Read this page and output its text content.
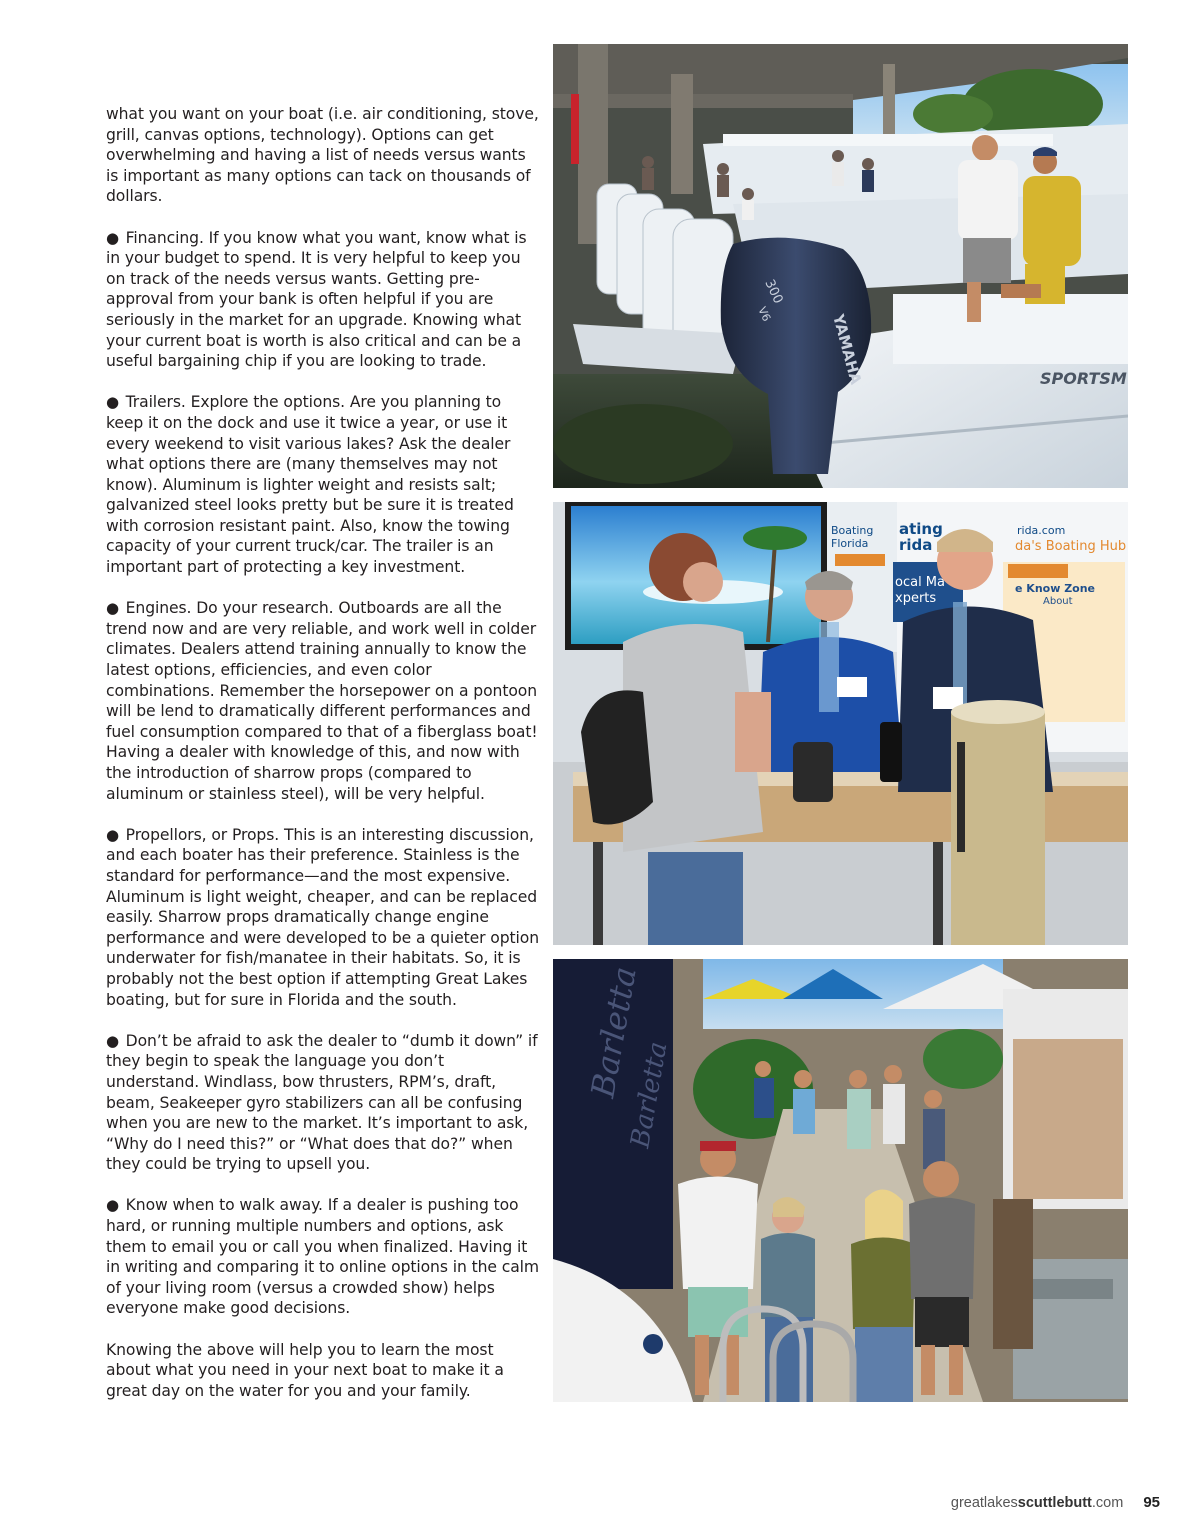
what you want on your boat (i.e. air conditioning, stove, grill, canvas options, technology). Options can get overwhelming and having a list of needs versus wants is important as many options can tack on thousands of dollars.

● Financing. If you know what you want, know what is in your budget to spend. It is very helpful to keep you on track of the needs versus wants. Getting pre-approval from your bank is often helpful if you are seriously in the market for an upgrade. Knowing what your current boat is worth is also critical and can be a useful bargaining chip if you are looking to trade.

● Trailers. Explore the options. Are you planning to keep it on the dock and use it twice a year, or use it every weekend to visit various lakes? Ask the dealer what options there are (many themselves may not know). Aluminum is lighter weight and resists salt; galvanized steel looks pretty but be sure it is treated with corrosion resistant paint. Also, know the towing capacity of your current truck/car. The trailer is an important part of protecting a key investment.

● Engines. Do your research. Outboards are all the trend now and are very reliable, and work well in colder climates. Dealers attend training annually to know the latest options, efficiencies, and even color combinations. Remember the horsepower on a pontoon will be lend to dramatically different performances and fuel consumption compared to that of a fiberglass boat! Having a dealer with knowledge of this, and now with the introduction of sharrow props (compared to aluminum or stainless steel), will be very helpful.

● Propellors, or Props. This is an interesting discussion, and each boater has their preference. Stainless is the standard for performance—and the most expensive. Aluminum is light weight, cheaper, and can be replaced easily. Sharrow props dramatically change engine performance and were developed to be a quieter option underwater for fish/manatee in their habitats. So, it is probably not the best option if attempting Great Lakes boating, but for sure in Florida and the south.

● Don’t be afraid to ask the dealer to “dumb it down” if they begin to speak the language you don’t understand. Windlass, bow thrusters, RPM’s, draft, beam, Seakeeper gyro stabilizers can all be confusing when you are new to the market. It’s important to ask, “Why do I need this?” or “What does that do?” when they could be trying to upsell you.

● Know when to walk away. If a dealer is pushing too hard, or running multiple numbers and options, ask them to email you or call you when finalized. Having it in writing and comparing it to online options in the calm of your living room (versus a crowded show) helps everyone make good decisions.

Knowing the above will help you to learn the most about what you need in your next boat to make it a great day on the water for you and your family.

SPORTSM
YAMAHA
300
V6
Boating
Florida
ating
rida
rida.com
da's Boating Hub
ocal Ma
xperts
e Know Zone
About
Barletta
Barletta
greatlakesscuttlebutt.com 95
